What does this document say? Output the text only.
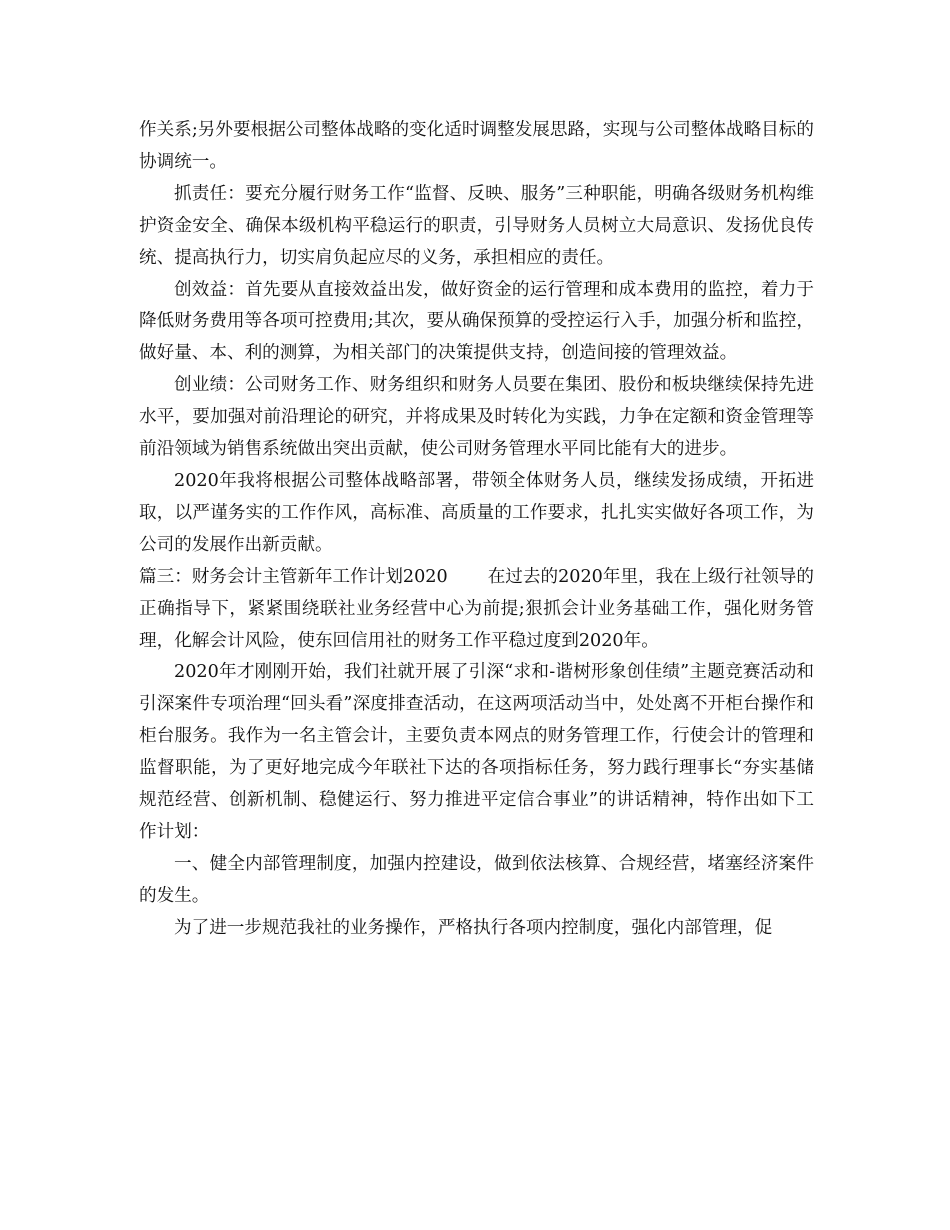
作关系;另外要根据公司整体战略的变化适时调整发展思路，实现与公司整体战略目标的协调统一。

抓责任：要充分履行财务工作“监督、反映、服务”三种职能，明确各级财务机构维护资金安全、确保本级机构平稳运行的职责，引导财务人员树立大局意识、发扬优良传统、提高执行力，切实肩负起应尽的义务，承担相应的责任。

创效益：首先要从直接效益出发，做好资金的运行管理和成本费用的监控，着力于降低财务费用等各项可控费用;其次，要从确保预算的受控运行入手，加强分析和监控，做好量、本、利的测算，为相关部门的决策提供支持，创造间接的管理效益。

创业绩：公司财务工作、财务组织和财务人员要在集团、股份和板块继续保持先进水平，要加强对前沿理论的研究，并将成果及时转化为实践，力争在定额和资金管理等前沿领域为销售系统做出突出贡献，使公司财务管理水平同比能有大的进步。

2020年我将根据公司整体战略部署，带领全体财务人员，继续发扬成绩，开拓进取，以严谨务实的工作作风，高标准、高质量的工作要求，扎扎实实做好各项工作，为公司的发展作出新贡献。

篇三：财务会计主管新年工作计划2020 在过去的2020年里，我在上级行社领导的正确指导下，紧紧围绕联社业务经营中心为前提;狠抓会计业务基础工作，强化财务管理，化解会计风险，使东回信用社的财务工作平稳过度到2020年。

2020年才刚刚开始，我们社就开展了引深“求和-谐树形象创佳绩”主题竞赛活动和引深案件专项治理“回头看”深度排查活动，在这两项活动当中，处处离不开柜台操作和柜台服务。我作为一名主管会计，主要负责本网点的财务管理工作，行使会计的管理和监督职能，为了更好地完成今年联社下达的各项指标任务，努力践行理事长“夯实基储规范经营、创新机制、稳健运行、努力推进平定信合事业”的讲话精神，特作出如下工作计划：

一、健全内部管理制度，加强内控建设，做到依法核算、合规经营，堵塞经济案件的发生。

为了进一步规范我社的业务操作，严格执行各项内控制度，强化内部管理，促
